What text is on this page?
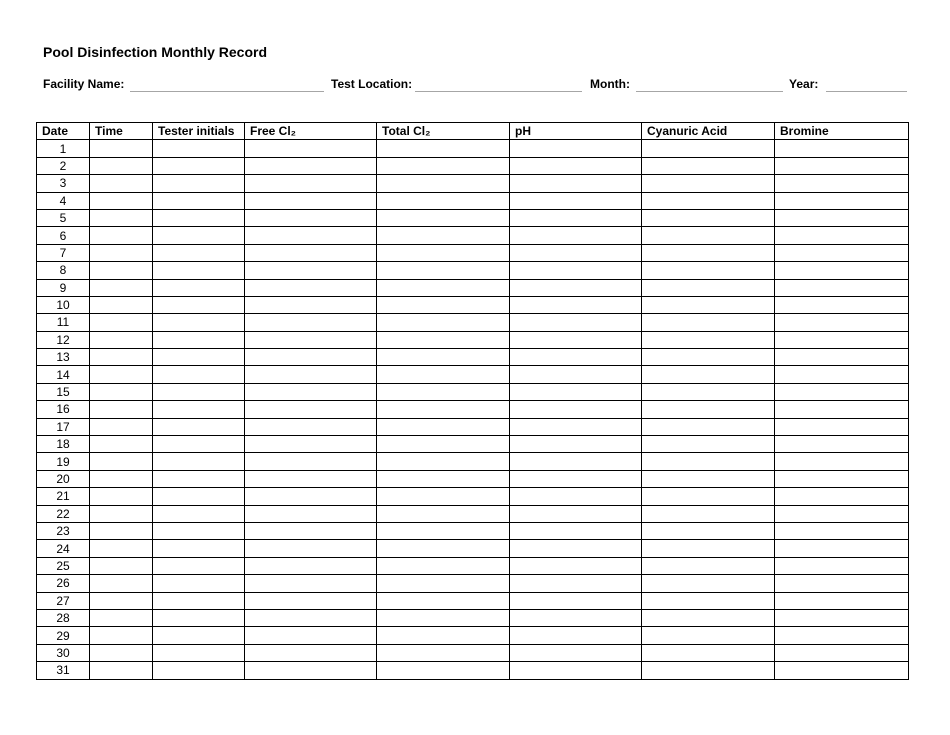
Pool Disinfection Monthly Record
Facility Name:	Test Location:	Month:	Year:
Date	Time	Tester initials	Free Cl₂	Total Cl₂	pH	Cyanuric Acid	Bromine
1							
2							
3							
4							
5							
6							
7							
8							
9							
10							
11							
12							
13							
14							
15							
16							
17							
18							
19							
20							
21							
22							
23							
24							
25							
26							
27							
28							
29							
30							
31							
